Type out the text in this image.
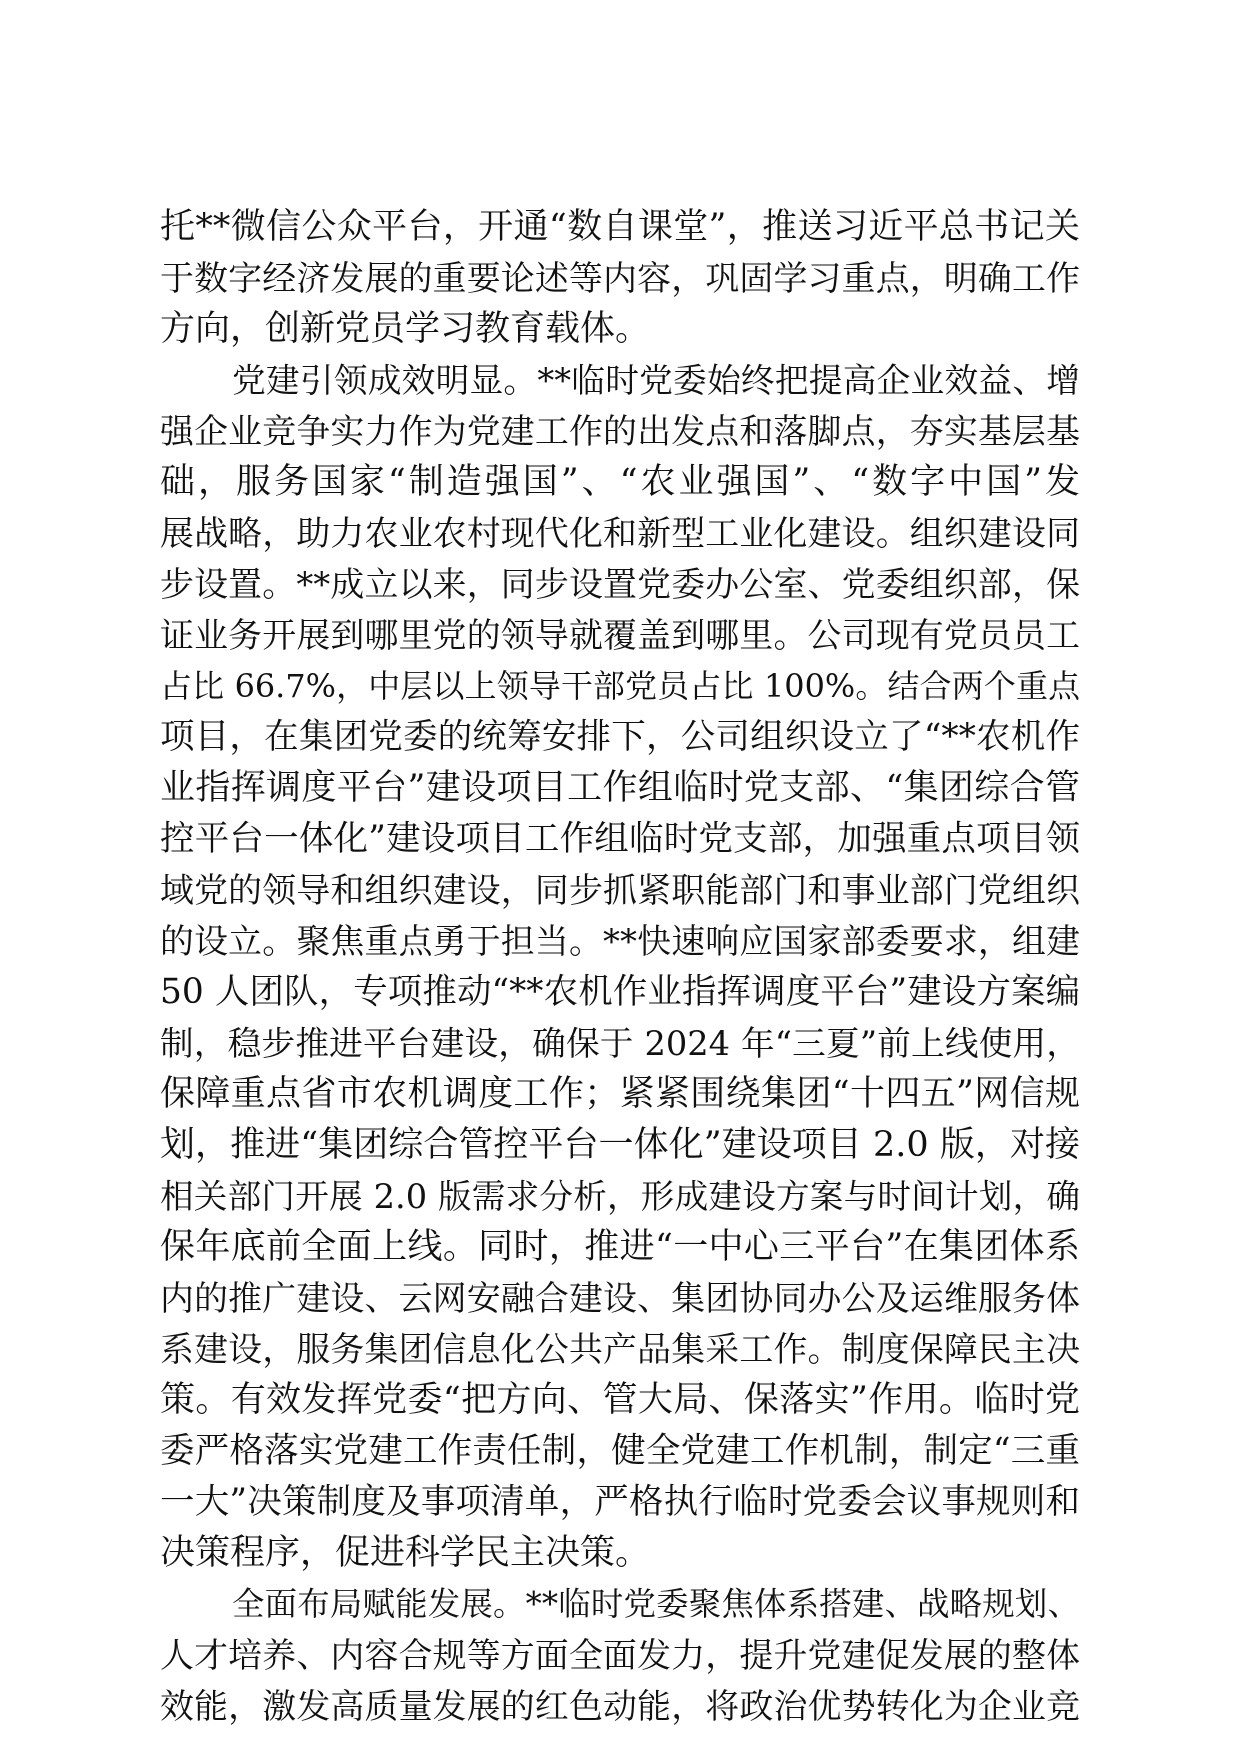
托**微信公众平台，开通“数自课堂”，推送习近平总书记关
于数字经济发展的重要论述等内容，巩固学习重点，明确工作
方向，创新党员学习教育载体。
党建引领成效明显。**临时党委始终把提高企业效益、增
强企业竞争实力作为党建工作的出发点和落脚点，夯实基层基
础，服务国家“制造强国”、“农业强国”、“数字中国”发
展战略，助力农业农村现代化和新型工业化建设。组织建设同
步设置。**成立以来，同步设置党委办公室、党委组织部，保
证业务开展到哪里党的领导就覆盖到哪里。公司现有党员员工
占比 66.7%，中层以上领导干部党员占比 100%。结合两个重点
项目，在集团党委的统筹安排下，公司组织设立了“**农机作
业指挥调度平台”建设项目工作组临时党支部、“集团综合管
控平台一体化”建设项目工作组临时党支部，加强重点项目领
域党的领导和组织建设，同步抓紧职能部门和事业部门党组织
的设立。聚焦重点勇于担当。**快速响应国家部委要求，组建
50 人团队，专项推动“**农机作业指挥调度平台”建设方案编
制，稳步推进平台建设，确保于 2024 年“三夏”前上线使用，
保障重点省市农机调度工作；紧紧围绕集团“十四五”网信规
划，推进“集团综合管控平台一体化”建设项目 2.0 版，对接
相关部门开展 2.0 版需求分析，形成建设方案与时间计划，确
保年底前全面上线。同时，推进“一中心三平台”在集团体系
内的推广建设、云网安融合建设、集团协同办公及运维服务体
系建设，服务集团信息化公共产品集采工作。制度保障民主决
策。有效发挥党委“把方向、管大局、保落实”作用。临时党
委严格落实党建工作责任制，健全党建工作机制，制定“三重
一大”决策制度及事项清单，严格执行临时党委会议事规则和
决策程序，促进科学民主决策。
全面布局赋能发展。**临时党委聚焦体系搭建、战略规划、
人才培养、内容合规等方面全面发力，提升党建促发展的整体
效能，激发高质量发展的红色动能，将政治优势转化为企业竞
